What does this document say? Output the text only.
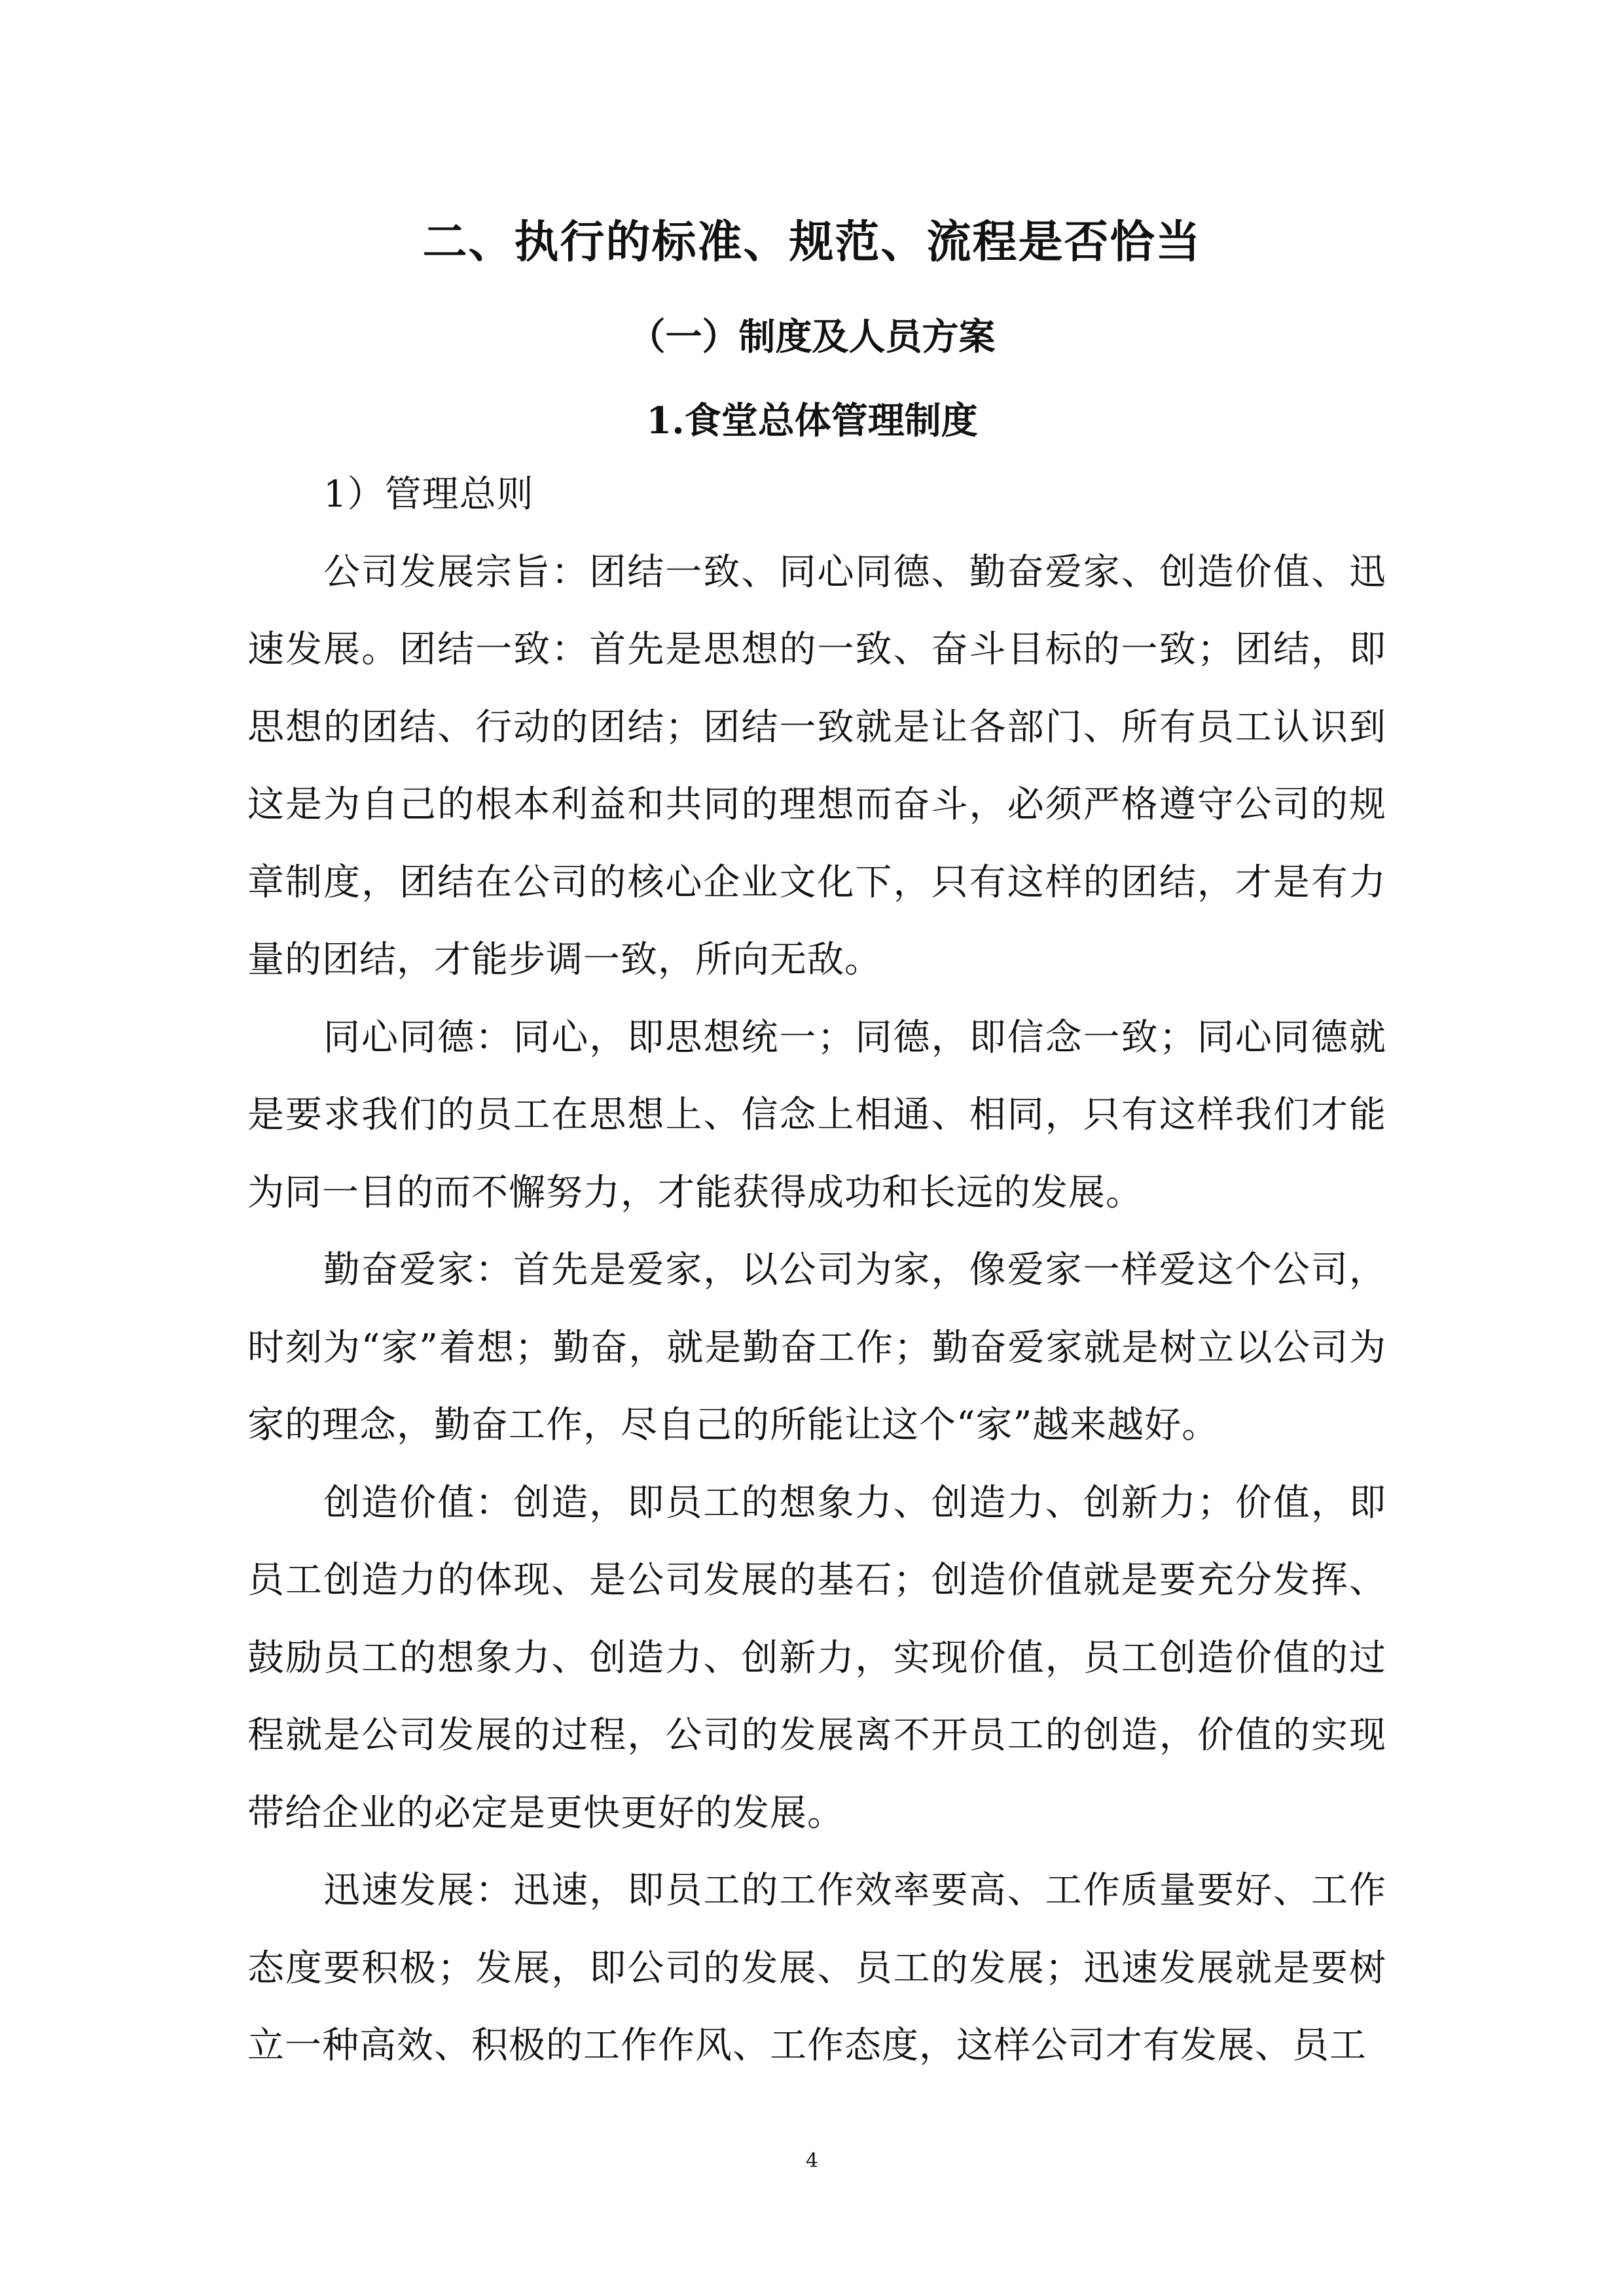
二、执行的标准、规范、流程是否恰当
（一）制度及人员方案
1.食堂总体管理制度

1）管理总则

公司发展宗旨：团结一致、同心同德、勤奋爱家、创造价值、迅速发展。团结一致：首先是思想的一致、奋斗目标的一致；团结，即思想的团结、行动的团结；团结一致就是让各部门、所有员工认识到这是为自己的根本利益和共同的理想而奋斗，必须严格遵守公司的规章制度，团结在公司的核心企业文化下，只有这样的团结，才是有力量的团结，才能步调一致，所向无敌。

同心同德：同心，即思想统一；同德，即信念一致；同心同德就是要求我们的员工在思想上、信念上相通、相同，只有这样我们才能为同一目的而不懈努力，才能获得成功和长远的发展。

勤奋爱家：首先是爱家，以公司为家，像爱家一样爱这个公司，时刻为“家”着想；勤奋，就是勤奋工作；勤奋爱家就是树立以公司为家的理念，勤奋工作，尽自己的所能让这个“家”越来越好。

创造价值：创造，即员工的想象力、创造力、创新力；价值，即员工创造力的体现、是公司发展的基石；创造价值就是要充分发挥、鼓励员工的想象力、创造力、创新力，实现价值，员工创造价值的过程就是公司发展的过程，公司的发展离不开员工的创造，价值的实现带给企业的必定是更快更好的发展。

迅速发展：迅速，即员工的工作效率要高、工作质量要好、工作态度要积极；发展，即公司的发展、员工的发展；迅速发展就是要树立一种高效、积极的工作作风、工作态度，这样公司才有发展、员工

4
